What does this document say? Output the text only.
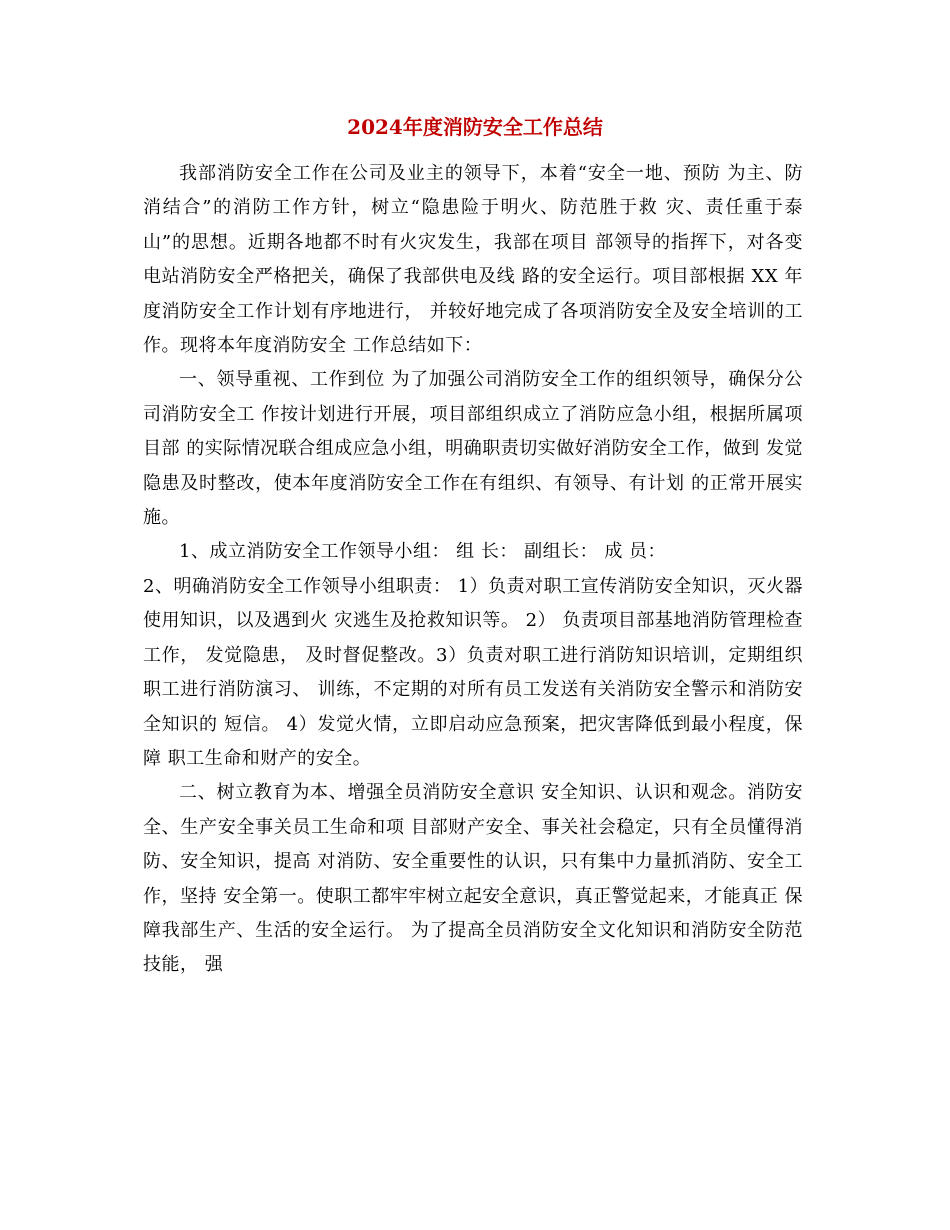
2024年度消防安全工作总结

我部消防安全工作在公司及业主的领导下，本着“安全一地、预防 为主、防消结合”的消防工作方针，树立“隐患险于明火、防范胜于救 灾、责任重于泰山”的思想。近期各地都不时有火灾发生，我部在项目 部领导的指挥下，对各变电站消防安全严格把关，确保了我部供电及线 路的安全运行。项目部根据 XX 年度消防安全工作计划有序地进行， 并较好地完成了各项消防安全及安全培训的工作。现将本年度消防安全 工作总结如下：

一、领导重视、工作到位 为了加强公司消防安全工作的组织领导，确保分公司消防安全工 作按计划进行开展，项目部组织成立了消防应急小组，根据所属项目部 的实际情况联合组成应急小组，明确职责切实做好消防安全工作，做到 发觉隐患及时整改，使本年度消防安全工作在有组织、有领导、有计划 的正常开展实施。

1、成立消防安全工作领导小组： 组 长： 副组长： 成 员：

2、明确消防安全工作领导小组职责： 1）负责对职工宣传消防安全知识，灭火器使用知识，以及遇到火 灾逃生及抢救知识等。 2） 负责项目部基地消防管理检查工作， 发觉隐患， 及时督促整改。3）负责对职工进行消防知识培训，定期组织职工进行消防演习、 训练，不定期的对所有员工发送有关消防安全警示和消防安全知识的 短信。 4）发觉火情，立即启动应急预案，把灾害降低到最小程度，保障 职工生命和财产的安全。

二、树立教育为本、增强全员消防安全意识 安全知识、认识和观念。消防安全、生产安全事关员工生命和项 目部财产安全、事关社会稳定，只有全员懂得消防、安全知识，提高 对消防、安全重要性的认识，只有集中力量抓消防、安全工作，坚持 安全第一。使职工都牢牢树立起安全意识，真正警觉起来，才能真正 保障我部生产、生活的安全运行。 为了提高全员消防安全文化知识和消防安全防范技能， 强
